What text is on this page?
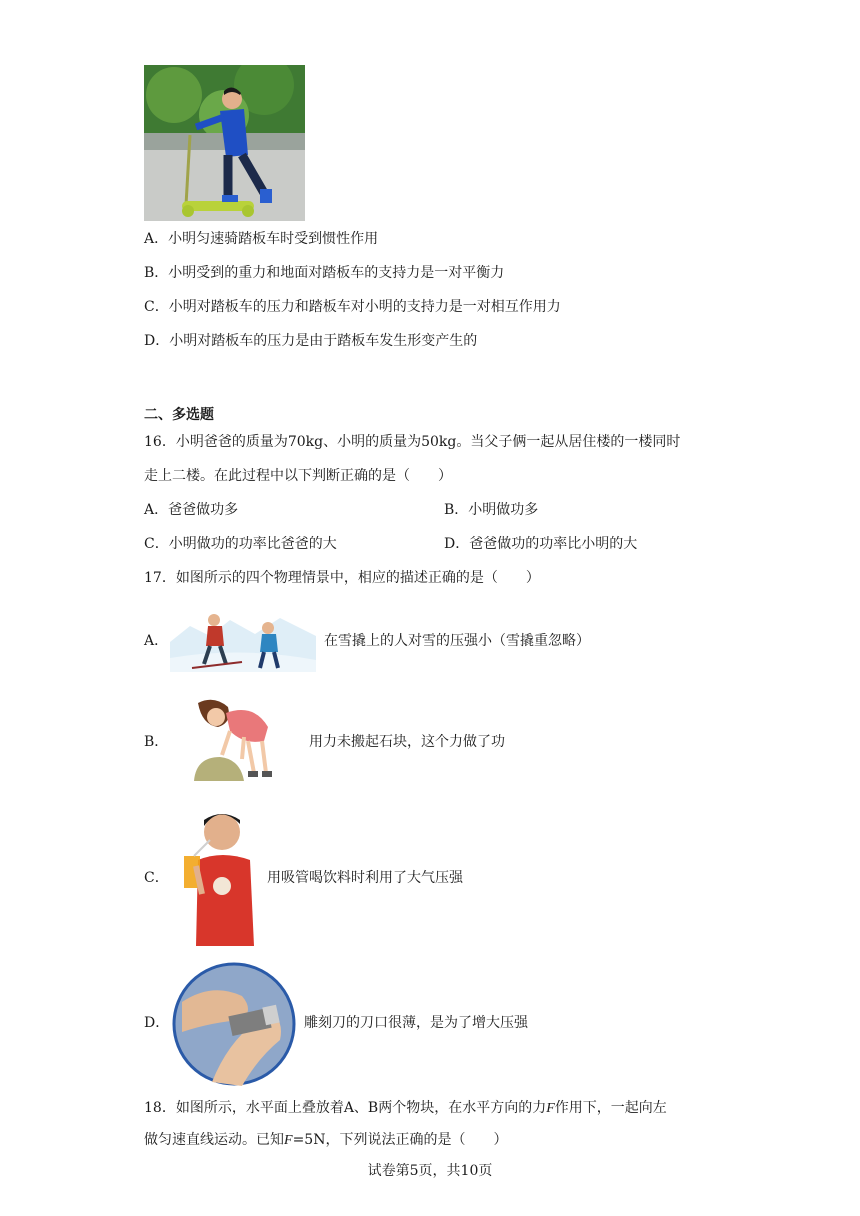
A．小明匀速骑踏板车时受到惯性作用
B．小明受到的重力和地面对踏板车的支持力是一对平衡力
C．小明对踏板车的压力和踏板车对小明的支持力是一对相互作用力
D．小明对踏板车的压力是由于踏板车发生形变产生的
二、多选题
16．小明爸爸的质量为70kg、小明的质量为50kg。当父子俩一起从居住楼的一楼同时
走上二楼。在此过程中以下判断正确的是（　　）
A．爸爸做功多	B．小明做功多
C．小明做功的功率比爸爸的大	D．爸爸做功的功率比小明的大
17．如图所示的四个物理情景中，相应的描述正确的是（　　）
A．	在雪撬上的人对雪的压强小（雪撬重忽略）
B．	用力未搬起石块，这个力做了功
C．	用吸管喝饮料时利用了大气压强
D．	雕刻刀的刀口很薄，是为了增大压强
18．如图所示，水平面上叠放着A、B两个物块，在水平方向的力F作用下，一起向左
做匀速直线运动。已知F=5N，下列说法正确的是（　　）
试卷第5页，共10页
